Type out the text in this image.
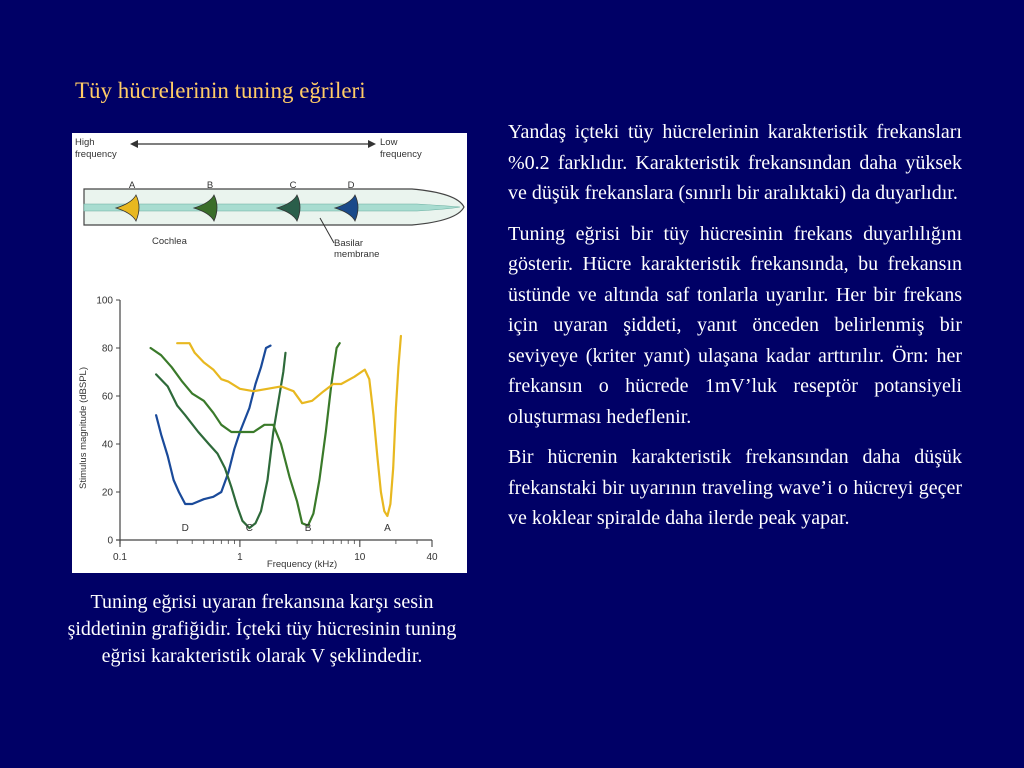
Tüy hücrelerinin tuning eğrileri
High
frequency
Low
frequency
A	B	C	D
Cochlea	Basilar
membrane
Stimulus magnitude (dBSPL)
Frequency (kHz)
0
20
40
60
80
100
0.1	1	10	40
D	C	B	A

Tuning eğrisi uyaran frekansına karşı sesin şiddetinin grafiğidir. İçteki tüy hücresinin tuning eğrisi karakteristik olarak V şeklindedir.

Yandaş içteki tüy hücrelerinin karakteristik frekansları %0.2 farklıdır. Karakteristik frekansından daha yüksek ve düşük frekanslara (sınırlı bir aralıktaki) da duyarlıdır.

Tuning eğrisi bir tüy hücresinin frekans duyarlılığını gösterir. Hücre karakteristik frekansında, bu frekansın üstünde ve altında saf tonlarla uyarılır. Her bir frekans için uyaran şiddeti, yanıt önceden belirlenmiş bir seviyeye (kriter yanıt) ulaşana kadar arttırılır. Örn: her frekansın o hücrede 1mV’luk reseptör potansiyeli oluşturması hedeflenir.

Bir hücrenin karakteristik frekansından daha düşük frekanstaki bir uyarının traveling wave’i o hücreyi geçer ve koklear spiralde daha ilerde peak yapar.
